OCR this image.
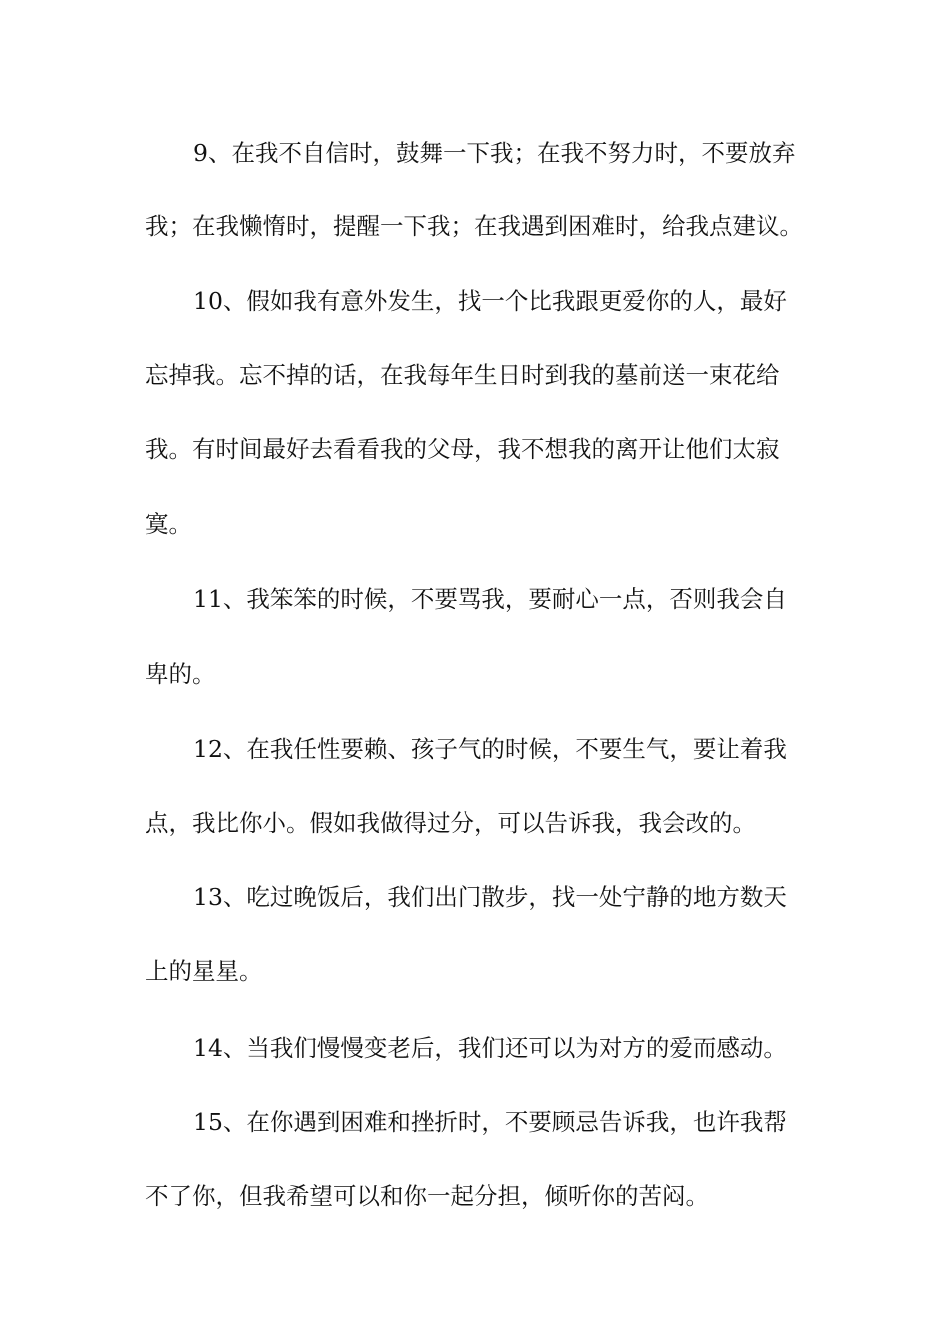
9、在我不自信时，鼓舞一下我；在我不努力时，不要放弃

我；在我懒惰时，提醒一下我；在我遇到困难时，给我点建议。

10、假如我有意外发生，找一个比我跟更爱你的人，最好

忘掉我。忘不掉的话，在我每年生日时到我的墓前送一束花给

我。有时间最好去看看我的父母，我不想我的离开让他们太寂

寞。

11、我笨笨的时候，不要骂我，要耐心一点，否则我会自

卑的。

12、在我任性要赖、孩子气的时候，不要生气，要让着我

点，我比你小。假如我做得过分，可以告诉我，我会改的。

13、吃过晚饭后，我们出门散步，找一处宁静的地方数天

上的星星。

14、当我们慢慢变老后，我们还可以为对方的爱而感动。

15、在你遇到困难和挫折时，不要顾忌告诉我，也许我帮

不了你，但我希望可以和你一起分担，倾听你的苦闷。
